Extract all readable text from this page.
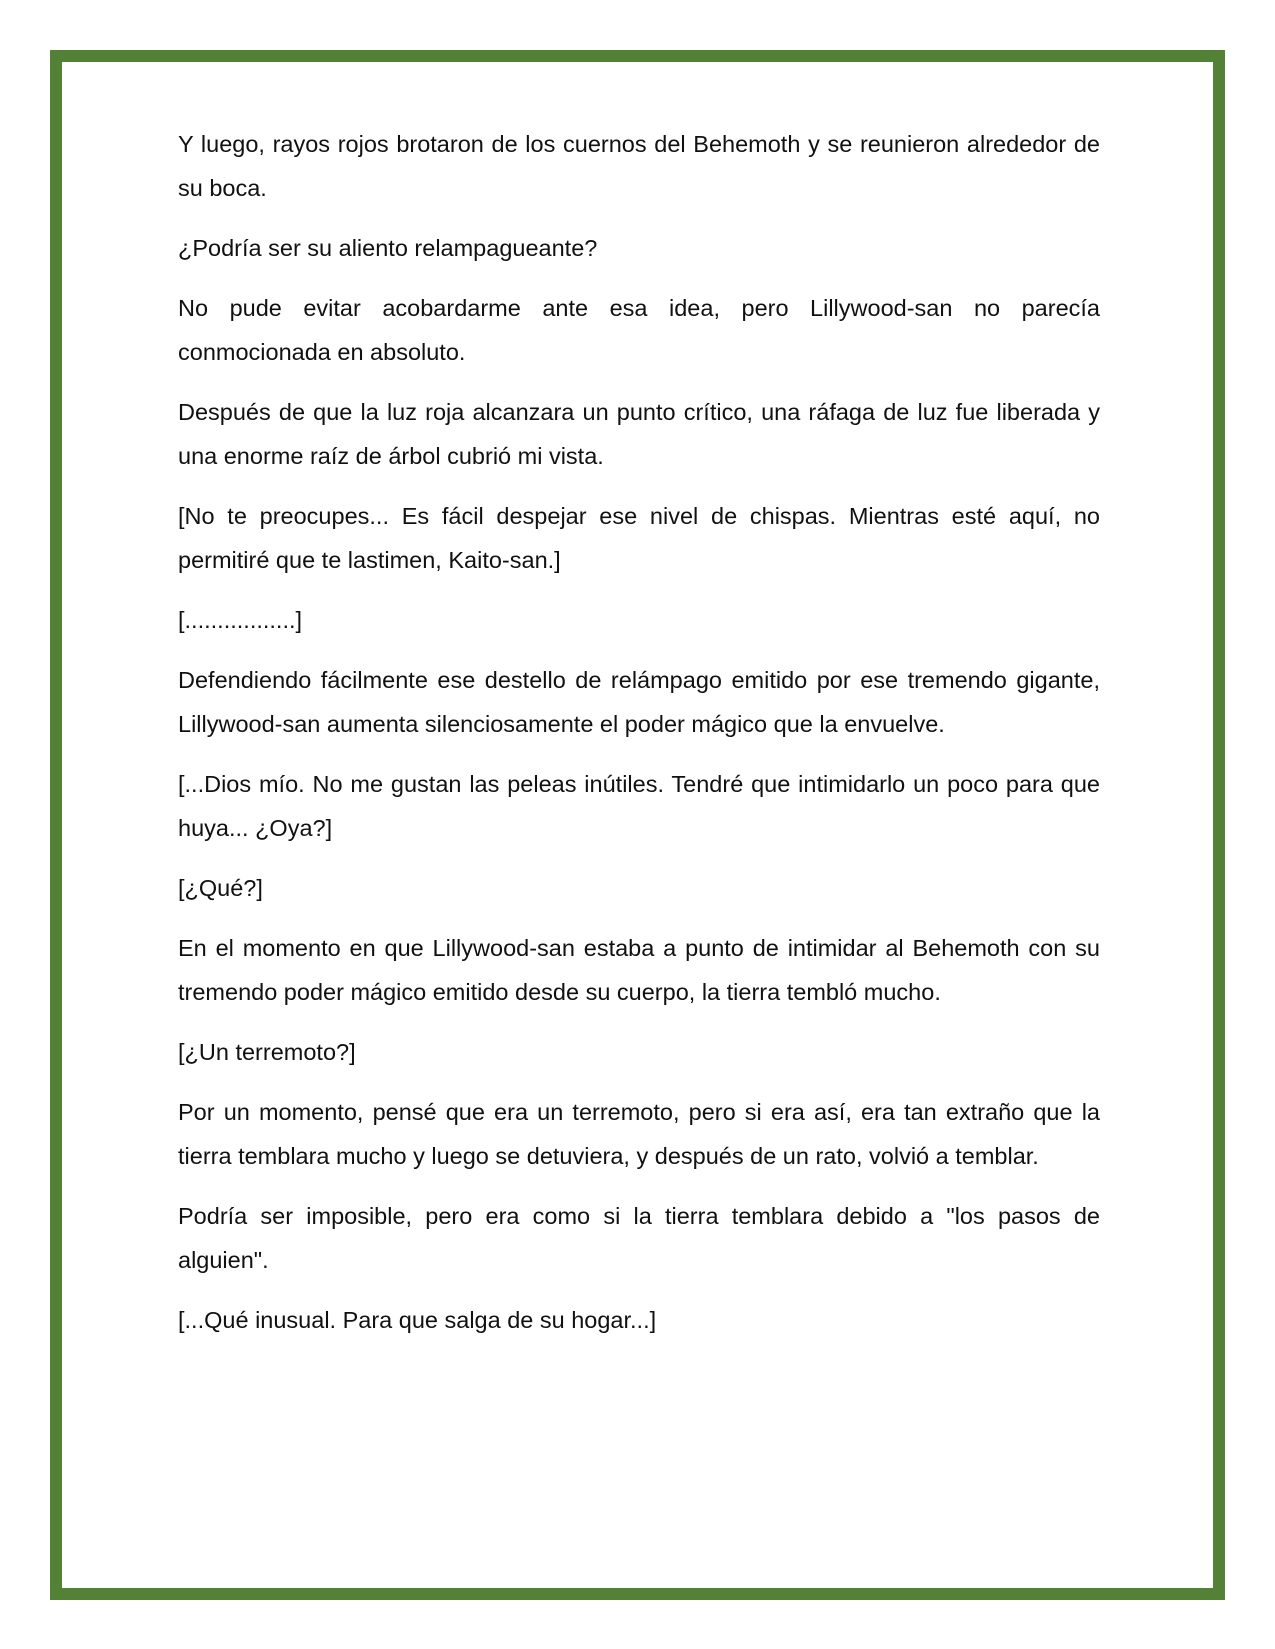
Y luego, rayos rojos brotaron de los cuernos del Behemoth y se reunieron alrededor de su boca.

¿Podría ser su aliento relampagueante?

No pude evitar acobardarme ante esa idea, pero Lillywood-san no parecía conmocionada en absoluto.

Después de que la luz roja alcanzara un punto crítico, una ráfaga de luz fue liberada y una enorme raíz de árbol cubrió mi vista.

[No te preocupes... Es fácil despejar ese nivel de chispas. Mientras esté aquí, no permitiré que te lastimen, Kaito-san.]

[.................]

Defendiendo fácilmente ese destello de relámpago emitido por ese tremendo gigante, Lillywood-san aumenta silenciosamente el poder mágico que la envuelve.

[...Dios mío. No me gustan las peleas inútiles. Tendré que intimidarlo un poco para que huya... ¿Oya?]

[¿Qué?]

En el momento en que Lillywood-san estaba a punto de intimidar al Behemoth con su tremendo poder mágico emitido desde su cuerpo, la tierra tembló mucho.

[¿Un terremoto?]

Por un momento, pensé que era un terremoto, pero si era así, era tan extraño que la tierra temblara mucho y luego se detuviera, y después de un rato, volvió a temblar.

Podría ser imposible, pero era como si la tierra temblara debido a "los pasos de alguien".

[...Qué inusual. Para que salga de su hogar...]
